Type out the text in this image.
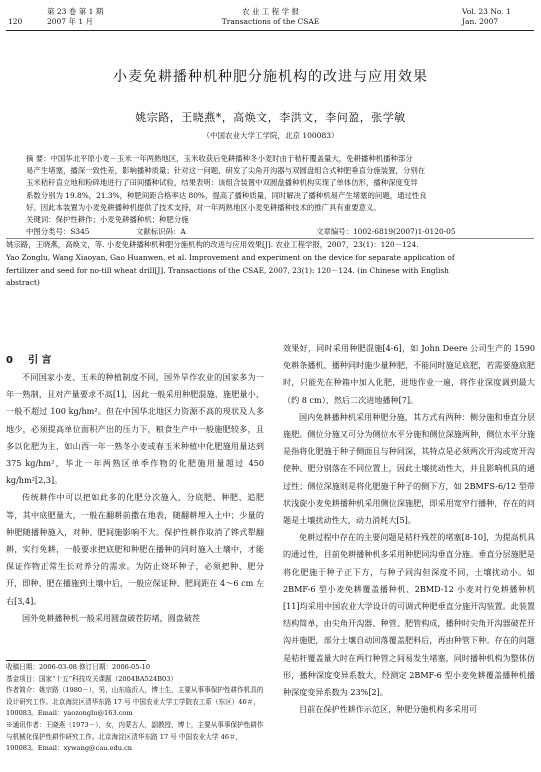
第 23 卷 第 1 期
120	2007 年 1 月
农 业 工 程 学 报
Transactions of the CSAE
Vol. 23 No. 1
Jan. 2007
小麦免耕播种机种肥分施机构的改进与应用效果
姚宗路，王晓燕*，高焕文，李洪文，李问盈，张学敏
（中国农业大学工学院，北京 100083）
摘 要：中国华北平原小麦－玉米一年两熟地区，玉米收获后免耕播种冬小麦时由于秸秆覆盖量大，免耕播种机播种部分
易产生堵塞，播深一致性差，影响播种质量；针对这一问题，研发了尖角开沟器与双圆盘组合式种肥垂直分施装置，分别在
玉米秸秆直立地和粉碎地进行了田间播种试验，结果表明：该组合装置中双圆盘播种机构实现了单体仿形，播种深度变异
系数分别为 19.8%，21.3%，种肥间距合格率达 80%，提高了播种质量，同时解决了播种机易产生堵塞的问题，通过性良
好。因此本装置为小麦免耕播种机提供了技术支持，对一年两熟地区小麦免耕播种技术的推广具有重要意义。
关键词：保护性耕作；小麦免耕播种机；种肥分施
中图分类号：S345	文献标识码：A	文章编号：1002-6819(2007)1-0120-05
姚宗路，王晓燕，高焕文，等. 小麦免耕播种机种肥分施机构的改进与应用效果[J]. 农业工程学报，2007，23(1)：120－124.
Yao Zonglu, Wang Xiaoyan, Gao Huanwen, et al. Improvement and experiment on the device for separate application of
fertilizer and seed for no-till wheat drill[J]. Transactions of the CSAE, 2007, 23(1): 120－124. (in Chinese with English
abstract)
0 引 言

不同国家小麦、玉米的种植制度不同，国外旱作农业的国家多为一年一熟制，且对产量要求不高[1]，因此一般采用种肥混施，施肥量小，一般不超过 100 kg/hm²。但在中国华北地区力资源不高的现状及人多地少，必须提高单位面积产出的压力下，粮食生产中一般施肥较多，且多以化肥为主，如山西一年一熟冬小麦或春玉米种植中化肥施用量达到 375 kg/hm²，华北一年两熟区单季作物的化肥施用量超过 450 kg/hm²[2,3]。

传统耕作中可以把如此多的化肥分次施入，分底肥、种肥、追肥等，其中底肥量大，一般在翻耕前撒在地表，随翻耕埋入土中；少量的种肥随播种施入，对种、肥间施影响不大。保护性耕作取消了铧式犁翻耕，实行免耕，一般要求把底肥和种肥在播种的同时施入土壤中，才能保证作物正常生长对养分的需求。为防止烧坏种子，必须把种、肥分开，即种、肥在播施到土壤中后，一般应保证种、肥间距在 4～6 cm 左右[3,4]。

国外免耕播种机一般采用圆盘破茬防堵，圆盘破茬

收稿日期：2006-03-08 修订日期：2006-05-10

基金项目：国家“十五”科技攻关课题（2004BA524B03）

作者简介：姚宗路（1980－），男，山东临沂人，博士生，主要从事事保护性耕作机具的设计研究工作。北京海淀区清华东路 17 号 中国农业大学工学院农工系（东区）46＃，100083。Email：yaozonglu@163.com

※通讯作者：王晓燕（1973－），女，内蒙古人，副教授，博士，主要从事事保护性耕作与机械化保护性耕作研究工作。北京海淀区清华东路 17 号 中国农业大学 46＃，100083。Email：xywang@cau.edu.cn

效果好，同时采用种肥混施[4-6]，如 John Deere 公司生产的 1590 免耕条播机，播种同时施少量种肥，不能同时施足底肥，若需要施底肥时，只能先在种箱中加入化肥，进地作业一遍，将作业深度调到最大（约 8 cm），然后二次进地播种[7]。

国内免耕播种机采用种肥分施，其方式有两种：侧分施和垂直分层施肥。侧位分施又可分为侧位水平分施和侧位深施两种，侧位水平分施是指将化肥施于种子侧面且与种同深，其特点是必须两次开沟或宽开沟使种、肥分别落在不同位置上，因此土壤扰动性大，并且影响机具的通过性；侧位深施则是将化肥施于种子的侧下方，如 2BMFS-6/12 型带状浅旋小麦免耕播种机采用侧位深施肥，即采用宽窄行播种，存在的问题是土壤扰动性大，动力消耗大[5]。

免耕过程中存在的主要问题是秸秆残茬的堵塞[8-10]，为提高机具的通过性，目前免耕播种机多采用种肥同沟垂直分施。垂直分层施肥是将化肥施于种子正下方，与种子同沟但深度不同，土壤扰动小。如 2BMF-6 型小麦免耕覆盖播种机、2BMD-12 小麦对行免耕播种机[11]均采用中国农业大学设计的可调式种肥垂直分施开沟装置。此装置结构简单，由尖角开沟器、种管、肥管构成，播种时尖角开沟器破茬开沟并施肥，部分土壤自动回落覆盖肥料后，再由种管下种。存在的问题是秸秆覆盖量大时在两行种管之间易发生堵塞，同时播种机构为整体仿形，播种深度变异系数大，经测定 2BMF-6 型小麦免耕覆盖播种机播种深度变异系数为 23%[2]。

目前在保护性耕作示范区，种肥分施机构多采用可
